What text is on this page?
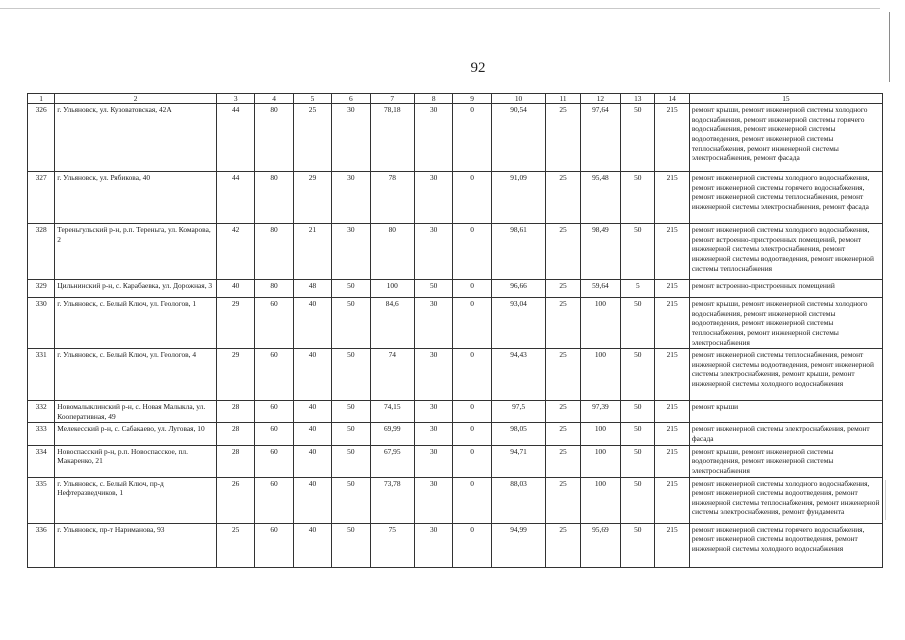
92
1	2	3	4	5	6	7	8	9	10	11	12	13	14	15
326	г. Ульяновск, ул. Кузоватовская, 42А	44	80	25	30	78,18	30	0	90,54	25	97,64	50	215	ремонт крыши, ремонт инженерной системы холодного водоснабжения, ремонт инженерной системы горячего водоснабжения, ремонт инженерной системы водоотведения, ремонт инженерной системы теплоснабжения, ремонт инженерной системы электроснабжения, ремонт фасада
327	г. Ульяновск, ул. Рябикова, 40	44	80	29	30	78	30	0	91,09	25	95,48	50	215	ремонт инженерной системы холодного водоснабжения, ремонт инженерной системы горячего водоснабжения, ремонт инженерной системы теплоснабжения, ремонт инженерной системы электроснабжения, ремонт фасада
328	Тереньгульский р-н, р.п. Тереньга, ул. Комарова, 2	42	80	21	30	80	30	0	98,61	25	98,49	50	215	ремонт инженерной системы холодного водоснабжения, ремонт встроенно-пристроенных помещений, ремонт инженерной системы электроснабжения, ремонт инженерной системы водоотведения, ремонт инженерной системы теплоснабжения
329	Цильнинский р-н, с. Карабаевка, ул. Дорожная, 3	40	80	48	50	100	50	0	96,66	25	59,64	5	215	ремонт встроенно-пристроенных помещений
330	г. Ульяновск, с. Белый Ключ, ул. Геологов, 1	29	60	40	50	84,6	30	0	93,04	25	100	50	215	ремонт крыши, ремонт инженерной системы холодного водоснабжения, ремонт инженерной системы водоотведения, ремонт инженерной системы теплоснабжения, ремонт инженерной системы электроснабжения
331	г. Ульяновск, с. Белый Ключ, ул. Геологов, 4	29	60	40	50	74	30	0	94,43	25	100	50	215	ремонт инженерной системы теплоснабжения, ремонт инженерной системы водоотведения, ремонт инженерной системы электроснабжения, ремонт крыши, ремонт инженерной системы холодного водоснабжения
332	Новомалыклинский р-н, с. Новая Малыкла, ул. Кооперативная, 49	28	60	40	50	74,15	30	0	97,5	25	97,39	50	215	ремонт крыши
333	Мелекесский р-н, с. Сабакаево, ул. Луговая, 10	28	60	40	50	69,99	30	0	98,05	25	100	50	215	ремонт инженерной системы электроснабжения, ремонт фасада
334	Новоспасский р-н, р.п. Новоспасское, пл. Макаренко, 21	28	60	40	50	67,95	30	0	94,71	25	100	50	215	ремонт крыши, ремонт инженерной системы водоотведения, ремонт инженерной системы электроснабжения
335	г. Ульяновск, с. Белый Ключ, пр-д Нефтеразведчиков, 1	26	60	40	50	73,78	30	0	88,03	25	100	50	215	ремонт инженерной системы холодного водоснабжения, ремонт инженерной системы водоотведения, ремонт инженерной системы теплоснабжения, ремонт инженерной системы электроснабжения, ремонт фундамента
336	г. Ульяновск, пр-т Нариманова, 93	25	60	40	50	75	30	0	94,99	25	95,69	50	215	ремонт инженерной системы горячего водоснабжения, ремонт инженерной системы водоотведения, ремонт инженерной системы холодного водоснабжения
